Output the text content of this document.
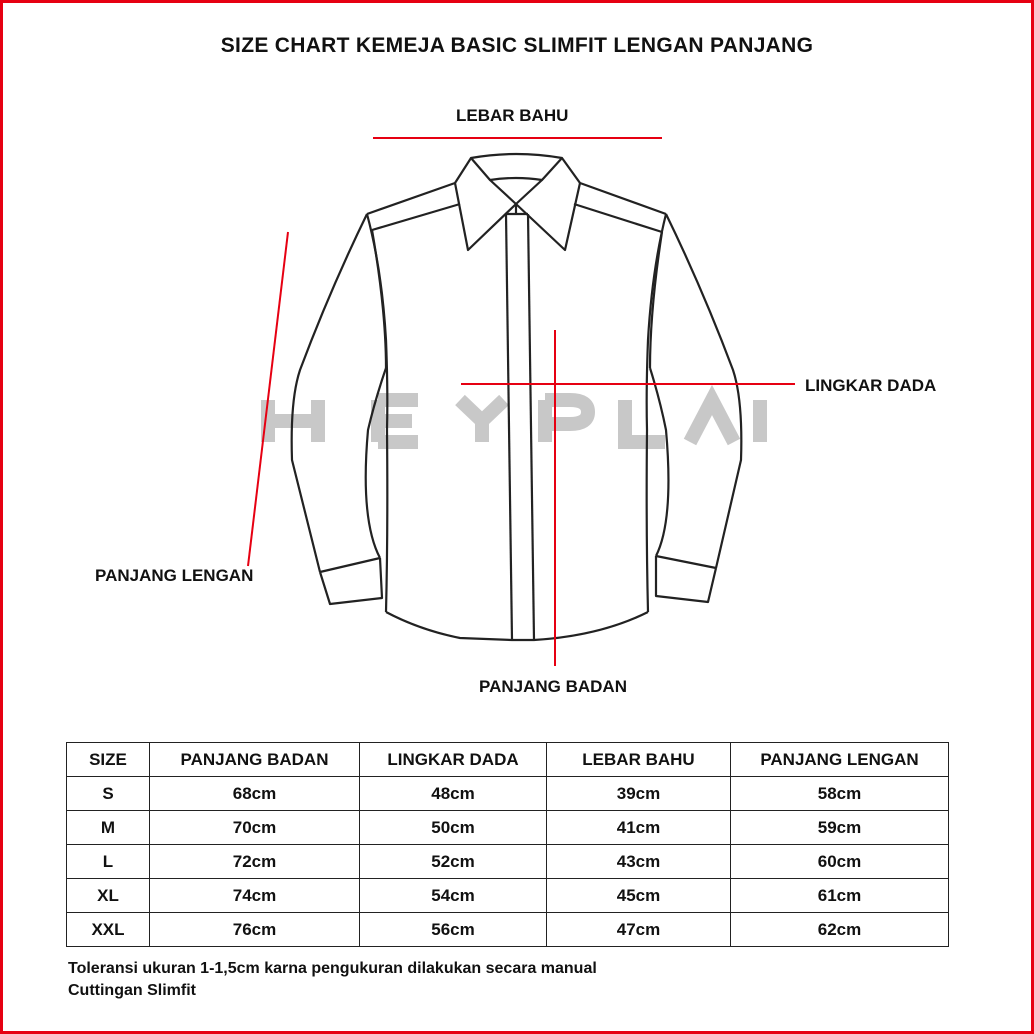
SIZE CHART KEMEJA BASIC SLIMFIT LENGAN PANJANG
LEBAR BAHU
LINGKAR DADA
PANJANG LENGAN
PANJANG BADAN
SIZE	PANJANG BADAN	LINGKAR DADA	LEBAR BAHU	PANJANG LENGAN
S	68cm	48cm	39cm	58cm
M	70cm	50cm	41cm	59cm
L	72cm	52cm	43cm	60cm
XL	74cm	54cm	45cm	61cm
XXL	76cm	56cm	47cm	62cm
Toleransi ukuran 1-1,5cm karna pengukuran dilakukan secara manual
Cuttingan Slimfit
